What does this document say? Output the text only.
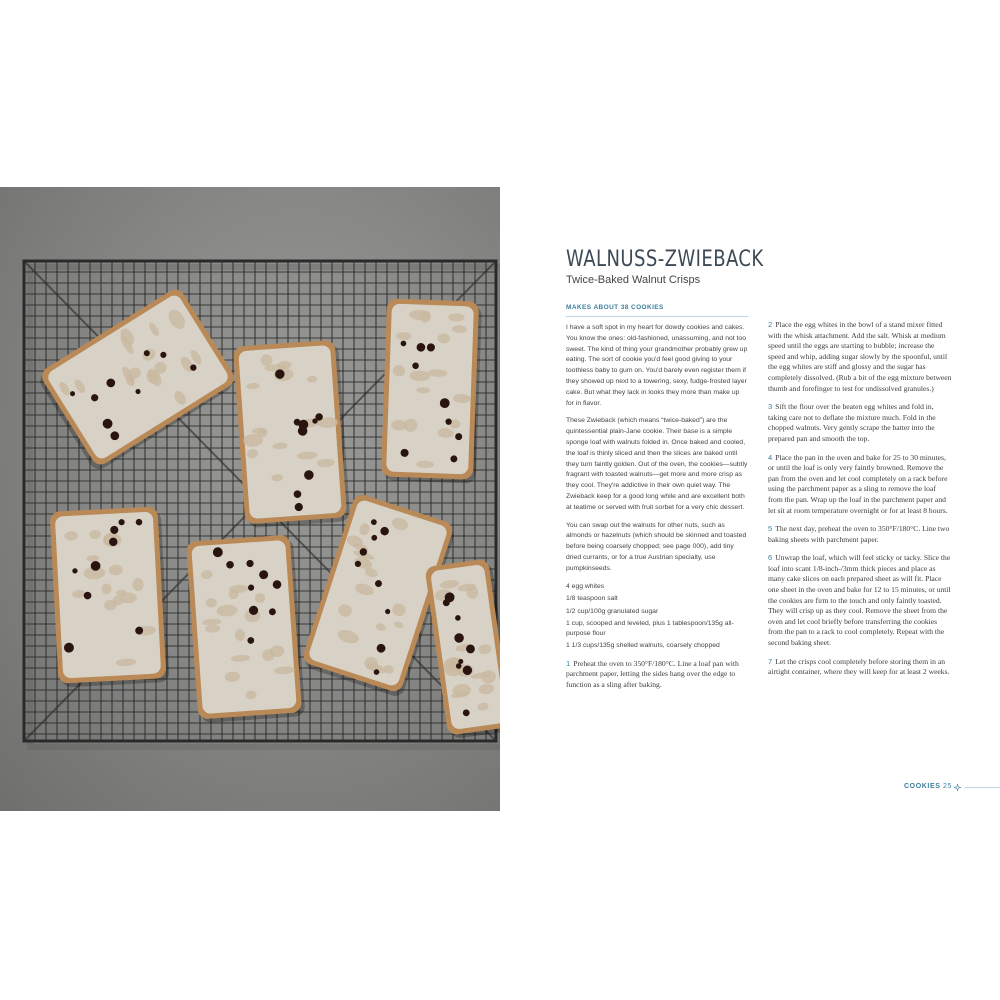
WALNUSS-ZWIEBACK

Twice-Baked Walnut Crisps

MAKES ABOUT 38 COOKIES

I have a soft spot in my heart for dowdy cookies and cakes. You know the ones: old-fashioned, unassuming, and not too sweet. The kind of thing your grandmother probably grew up eating. The sort of cookie you'd feel good giving to your toothless baby to gum on. You'd barely even register them if they showed up next to a towering, sexy, fudge-frosted layer cake. But what they lack in looks they more than make up for in flavor.

These Zwieback (which means “twice-baked”) are the quintessential plain-Jane cookie. Their base is a simple sponge loaf with walnuts folded in. Once baked and cooled, the loaf is thinly sliced and then the slices are baked until they turn faintly golden. Out of the oven, the cookies—subtly fragrant with toasted walnuts—get more and more crisp as they cool. They're addictive in their own quiet way. The Zwieback keep for a good long while and are excellent both at teatime or served with fruit sorbet for a very chic dessert.

You can swap out the walnuts for other nuts, such as almonds or hazelnuts (which should be skinned and toasted before being coarsely chopped; see page 000), add tiny dried currants, or for a true Austrian specialty, use pumpkinseeds.

4 egg whites
1/8 teaspoon salt
1/2 cup/100g granulated sugar
1 cup, scooped and leveled, plus 1 tablespoon/135g all-purpose flour
1 1/3 cups/135g shelled walnuts, coarsely chopped

1 Preheat the oven to 350°F/180°C. Line a loaf pan with parchment paper, letting the sides hang over the edge to function as a sling after baking.

2 Place the egg whites in the bowl of a stand mixer fitted with the whisk attachment. Add the salt. Whisk at medium speed until the eggs are starting to bubble; increase the speed and whip, adding sugar slowly by the spoonful, until the egg whites are stiff and glossy and the sugar has completely dissolved. (Rub a bit of the egg mixture between thumb and forefinger to test for undissolved granules.)

3 Sift the flour over the beaten egg whites and fold in, taking care not to deflate the mixture much. Fold in the chopped walnuts. Very gently scrape the batter into the prepared pan and smooth the top.

4 Place the pan in the oven and bake for 25 to 30 minutes, or until the loaf is only very faintly browned. Remove the pan from the oven and let cool completely on a rack before using the parchment paper as a sling to remove the loaf from the pan. Wrap up the loaf in the parchment paper and let sit at room temperature overnight or for at least 8 hours.

5 The next day, preheat the oven to 350°F/180°C. Line two baking sheets with parchment paper.

6 Unwrap the loaf, which will feel sticky or tacky. Slice the loaf into scant 1/8-inch-/3mm thick pieces and place as many cake slices on each prepared sheet as will fit. Place one sheet in the oven and bake for 12 to 15 minutes, or until the cookies are firm to the touch and only faintly toasted. They will crisp up as they cool. Remove the sheet from the oven and let cool briefly before transferring the cookies from the pan to a rack to cool completely. Repeat with the second baking sheet.

7 Let the crisps cool completely before storing them in an airtight container, where they will keep for at least 2 weeks.

COOKIES 25
